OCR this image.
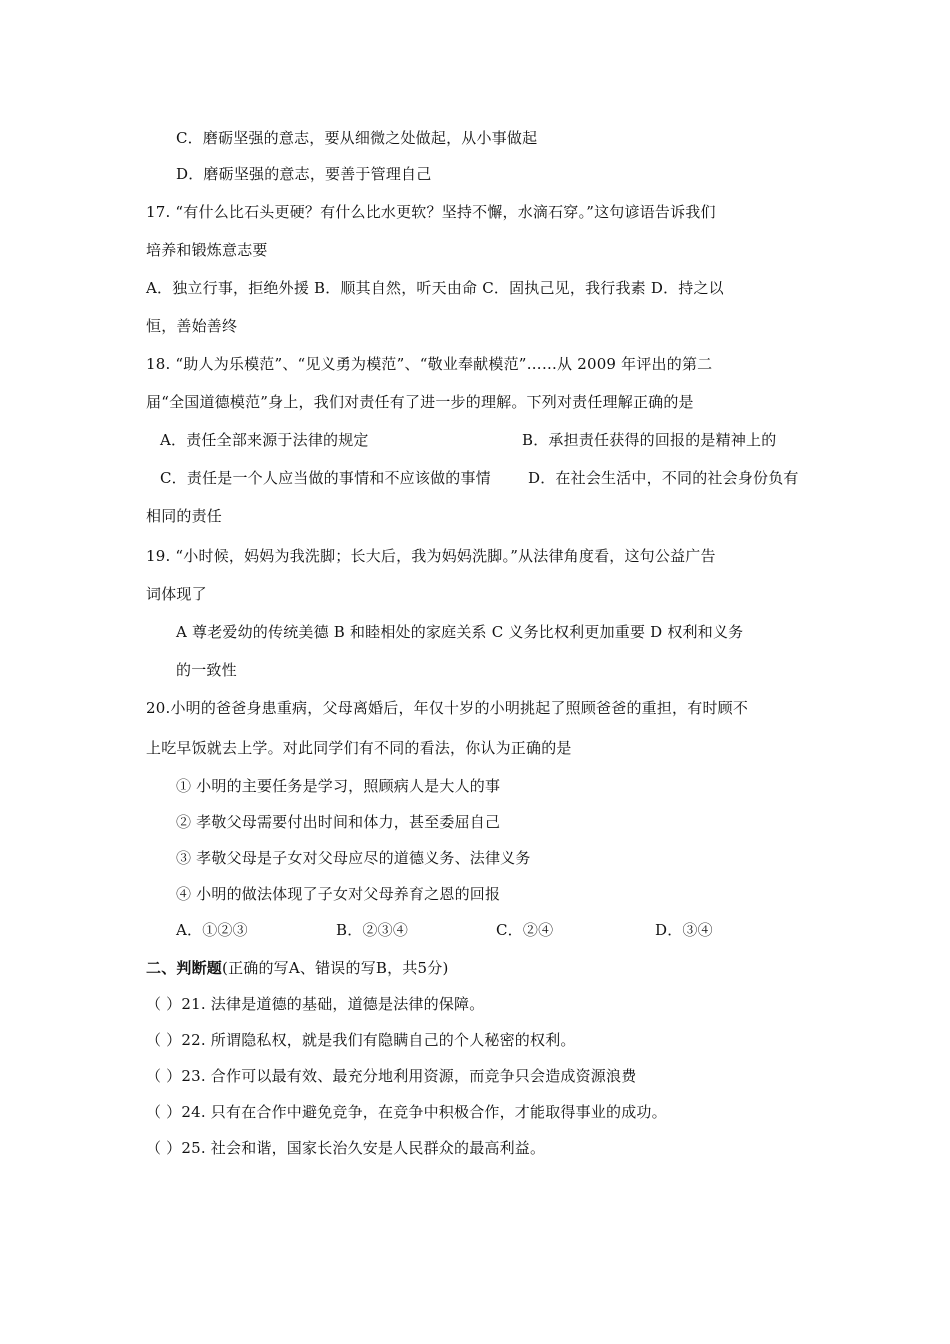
C．磨砺坚强的意志，要从细微之处做起，从小事做起
D．磨砺坚强的意志，要善于管理自己
17. “有什么比石头更硬？有什么比水更软？坚持不懈，水滴石穿。”这句谚语告诉我们
培养和锻炼意志要
A．独立行事，拒绝外援 B．顺其自然，听天由命 C．固执己见，我行我素 D．持之以
恒，善始善终
18. “助人为乐模范”、“见义勇为模范”、“敬业奉献模范”……从 2009 年评出的第二
届“全国道德模范”身上，我们对责任有了进一步的理解。下列对责任理解正确的是
A．责任全部来源于法律的规定	B．承担责任获得的回报的是精神上的
C．责任是一个人应当做的事情和不应该做的事情 D．在社会生活中，不同的社会身份负有
相同的责任
19. “小时候，妈妈为我洗脚；长大后，我为妈妈洗脚。”从法律角度看，这句公益广告
词体现了
A 尊老爱幼的传统美德 B 和睦相处的家庭关系 C 义务比权利更加重要 D 权利和义务
的一致性
20.小明的爸爸身患重病，父母离婚后，年仅十岁的小明挑起了照顾爸爸的重担，有时顾不
上吃早饭就去上学。对此同学们有不同的看法，你认为正确的是
① 小明的主要任务是学习，照顾病人是大人的事
② 孝敬父母需要付出时间和体力，甚至委屈自己
③ 孝敬父母是子女对父母应尽的道德义务、法律义务
④ 小明的做法体现了子女对父母养育之恩的回报
A．①②③	B．②③④	C．②④	D．③④
二、判断题(正确的写A、错误的写B，共5分)
（ ）21. 法律是道德的基础，道德是法律的保障。
（ ）22. 所谓隐私权，就是我们有隐瞒自己的个人秘密的权利。
（ ）23. 合作可以最有效、最充分地利用资源，而竞争只会造成资源浪费
（ ）24. 只有在合作中避免竞争，在竞争中积极合作，才能取得事业的成功。
（ ）25. 社会和谐，国家长治久安是人民群众的最高利益。
